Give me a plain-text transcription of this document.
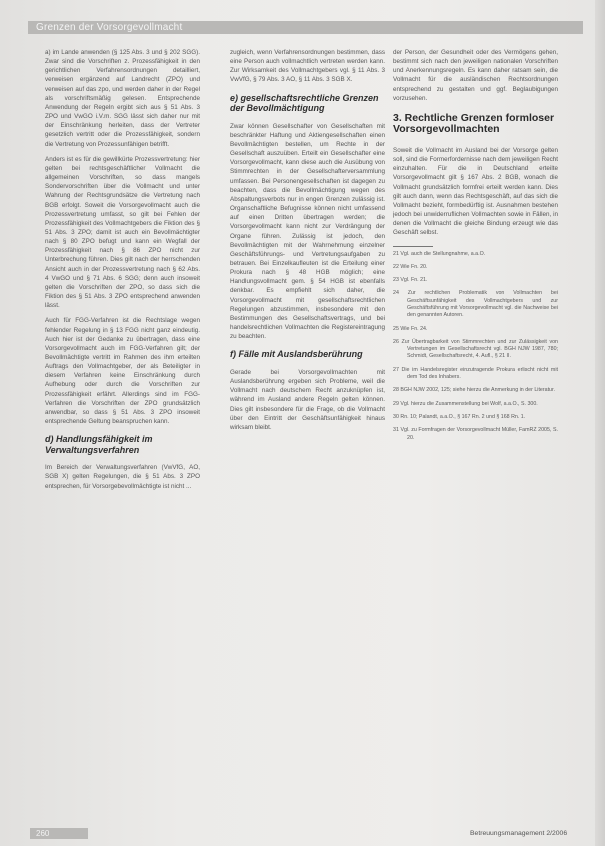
Grenzen der Vorsorgevollmacht

a) im Lande anwenden (§ 125 Abs. 3 und § 202 SGG). Zwar sind die Vorschriften z. Prozessfähigkeit in den gerichtlichen Verfahrensordnungen detailliert, verweisen ergänzend auf Landrecht (ZPO) und verweisen auf das zpo, und werden daher in der Regel als vorschriftsmäßig gelesen. Entsprechende Anwendung der Regeln ergibt sich aus § 51 Abs. 3 ZPO und VwGO i.V.m. SGG lässt sich daher nur mit der Einschränkung herleiten, dass der Vertreter gesetzlich vertritt oder die Prozessfähigkeit, sondern die Vertretung von Prozessunfähigen betrifft.

Anders ist es für die gewillkürte Prozessvertretung: hier gelten bei rechtsgeschäftlicher Vollmacht die allgemeinen Vorschriften, so dass mangels Sondervorschriften über die Vollmacht und unter Wahrung der Rechtsgrundsätze die Vertretung nach BGB erfolgt. Soweit die Vorsorgevollmacht auch die Prozessvertretung umfasst, so gilt bei Fehlen der Prozessfähigkeit des Vollmachtgebers die Fiktion des § 51 Abs. 3 ZPO; damit ist auch ein Bevollmächtigter nach § 80 ZPO befugt und kann ein Wegfall der Prozessfähigkeit nach § 86 ZPO nicht zur Unterbrechung führen. Dies gilt nach der herrschenden Ansicht auch in der Prozessvertretung nach § 62 Abs. 4 VwGO und § 71 Abs. 6 SGG; denn auch insoweit gelten die Vorschriften der ZPO, so dass sich die Fiktion des § 51 Abs. 3 ZPO entsprechend anwenden lässt.

Auch für FGG-Verfahren ist die Rechtslage wegen fehlender Regelung in § 13 FGG nicht ganz eindeutig. Auch hier ist der Gedanke zu übertragen, dass eine Vorsorgevollmacht auch im FGG-Verfahren gilt; der Bevollmächtigte vertritt im Rahmen des ihm erteilten Auftrags den Vollmachtgeber, der als Beteiligter in diesem Verfahren keine Einschränkung durch Aufhebung oder durch die Vorschriften zur Prozessfähigkeit erfährt. Allerdings sind im FGG-Verfahren die Vorschriften der ZPO grundsätzlich anwendbar, so dass § 51 Abs. 3 ZPO insoweit entsprechende Geltung beanspruchen kann.

d) Handlungsfähigkeit im Verwaltungsverfahren

Im Bereich der Verwaltungsverfahren (VwVfG, AO, SGB X) gelten Regelungen, die § 51 Abs. 3 ZPO entsprechen, für Vorsorgebevollmächtigte ist nicht ...

zugleich, wenn Verfahrensordnungen bestimmen, dass eine Person auch vollmachtlich vertreten werden kann. Zur Wirksamkeit des Vollmachtgebers vgl. § 11 Abs. 3 VwVfG, § 79 Abs. 3 AO, § 11 Abs. 3 SGB X.

e) gesellschaftsrechtliche Grenzen der Bevollmächtigung

Zwar können Gesellschafter von Gesellschaften mit beschränkter Haftung und Aktiengesellschaften einen Bevollmächtigten bestellen, um Rechte in der Gesellschaft auszuüben. Erteilt ein Gesellschafter eine Vorsorgevollmacht, kann diese auch die Ausübung von Stimmrechten in der Gesellschafterversammlung umfassen. Bei Personengesellschaften ist dagegen zu beachten, dass die Bevollmächtigung wegen des Abspaltungsverbots nur in engen Grenzen zulässig ist. Organschaftliche Befugnisse können nicht umfassend auf einen Dritten übertragen werden; die Vorsorgevollmacht kann nicht zur Verdrängung der Organe führen. Zulässig ist jedoch, den Bevollmächtigten mit der Wahrnehmung einzelner Geschäftsführungs- und Vertretungsaufgaben zu betrauen. Bei Einzelkaufleuten ist die Erteilung einer Prokura nach § 48 HGB möglich; eine Handlungsvollmacht gem. § 54 HGB ist ebenfalls denkbar. Es empfiehlt sich daher, die Vorsorgevollmacht mit gesellschaftsrechtlichen Regelungen abzustimmen, insbesondere mit den Bestimmungen des Gesellschaftsvertrags, und bei handelsrechtlichen Vollmachten die Registereintragung zu beachten.

f) Fälle mit Auslandsberührung

Gerade bei Vorsorgevollmachten mit Auslandsberührung ergeben sich Probleme, weil die Vollmacht nach deutschem Recht anzuknüpfen ist, während im Ausland andere Regeln gelten können. Dies gilt insbesondere für die Frage, ob die Vollmacht über den Eintritt der Geschäftsunfähigkeit hinaus wirksam bleibt.

der Person, der Gesundheit oder des Vermögens gehen, bestimmt sich nach den jeweiligen nationalen Vorschriften und Anerkennungsregeln. Es kann daher ratsam sein, die Vollmacht für die ausländischen Rechtsordnungen entsprechend zu gestalten und ggf. Beglaubigungen vorzusehen.

3. Rechtliche Grenzen formloser Vorsorgevollmachten

Soweit die Vollmacht im Ausland bei der Vorsorge gelten soll, sind die Formerfordernisse nach dem jeweiligen Recht einzuhalten. Für die in Deutschland erteilte Vorsorgevollmacht gilt § 167 Abs. 2 BGB, wonach die Vollmacht grundsätzlich formfrei erteilt werden kann. Dies gilt auch dann, wenn das Rechtsgeschäft, auf das sich die Vollmacht bezieht, formbedürftig ist. Ausnahmen bestehen jedoch bei unwiderruflichen Vollmachten sowie in Fällen, in denen die Vollmacht die gleiche Bindung erzeugt wie das Geschäft selbst.

21 Vgl. auch die Stellungnahme, a.a.O.

22 Wie Fn. 20.

23 Vgl. Fn. 21.

24 Zur rechtlichen Problematik von Vollmachten bei Geschäftsunfähigkeit des Vollmachtgebers und zur Geschäftsführung mit Vorsorgevollmacht vgl. die Nachweise bei den genannten Autoren.

25 Wie Fn. 24.

26 Zur Übertragbarkeit von Stimmrechten und zur Zulässigkeit von Vertretungen im Gesellschaftsrecht vgl. BGH NJW 1987, 780; Schmidt, Gesellschaftsrecht, 4. Aufl., § 21 II.

27 Die im Handelsregister einzutragende Prokura erlischt nicht mit dem Tod des Inhabers.

28 BGH NJW 2002, 125; siehe hierzu die Anmerkung in der Literatur.

29 Vgl. hierzu die Zusammenstellung bei Wolf, a.a.O., S. 300.

30 Rn. 10; Palandt, a.a.O., § 167 Rn. 2 und § 168 Rn. 1.

31 Vgl. zu Formfragen der Vorsorgevollmacht Müller, FamRZ 2005, S. 20.

260	Betreuungsmanagement 2/2006
